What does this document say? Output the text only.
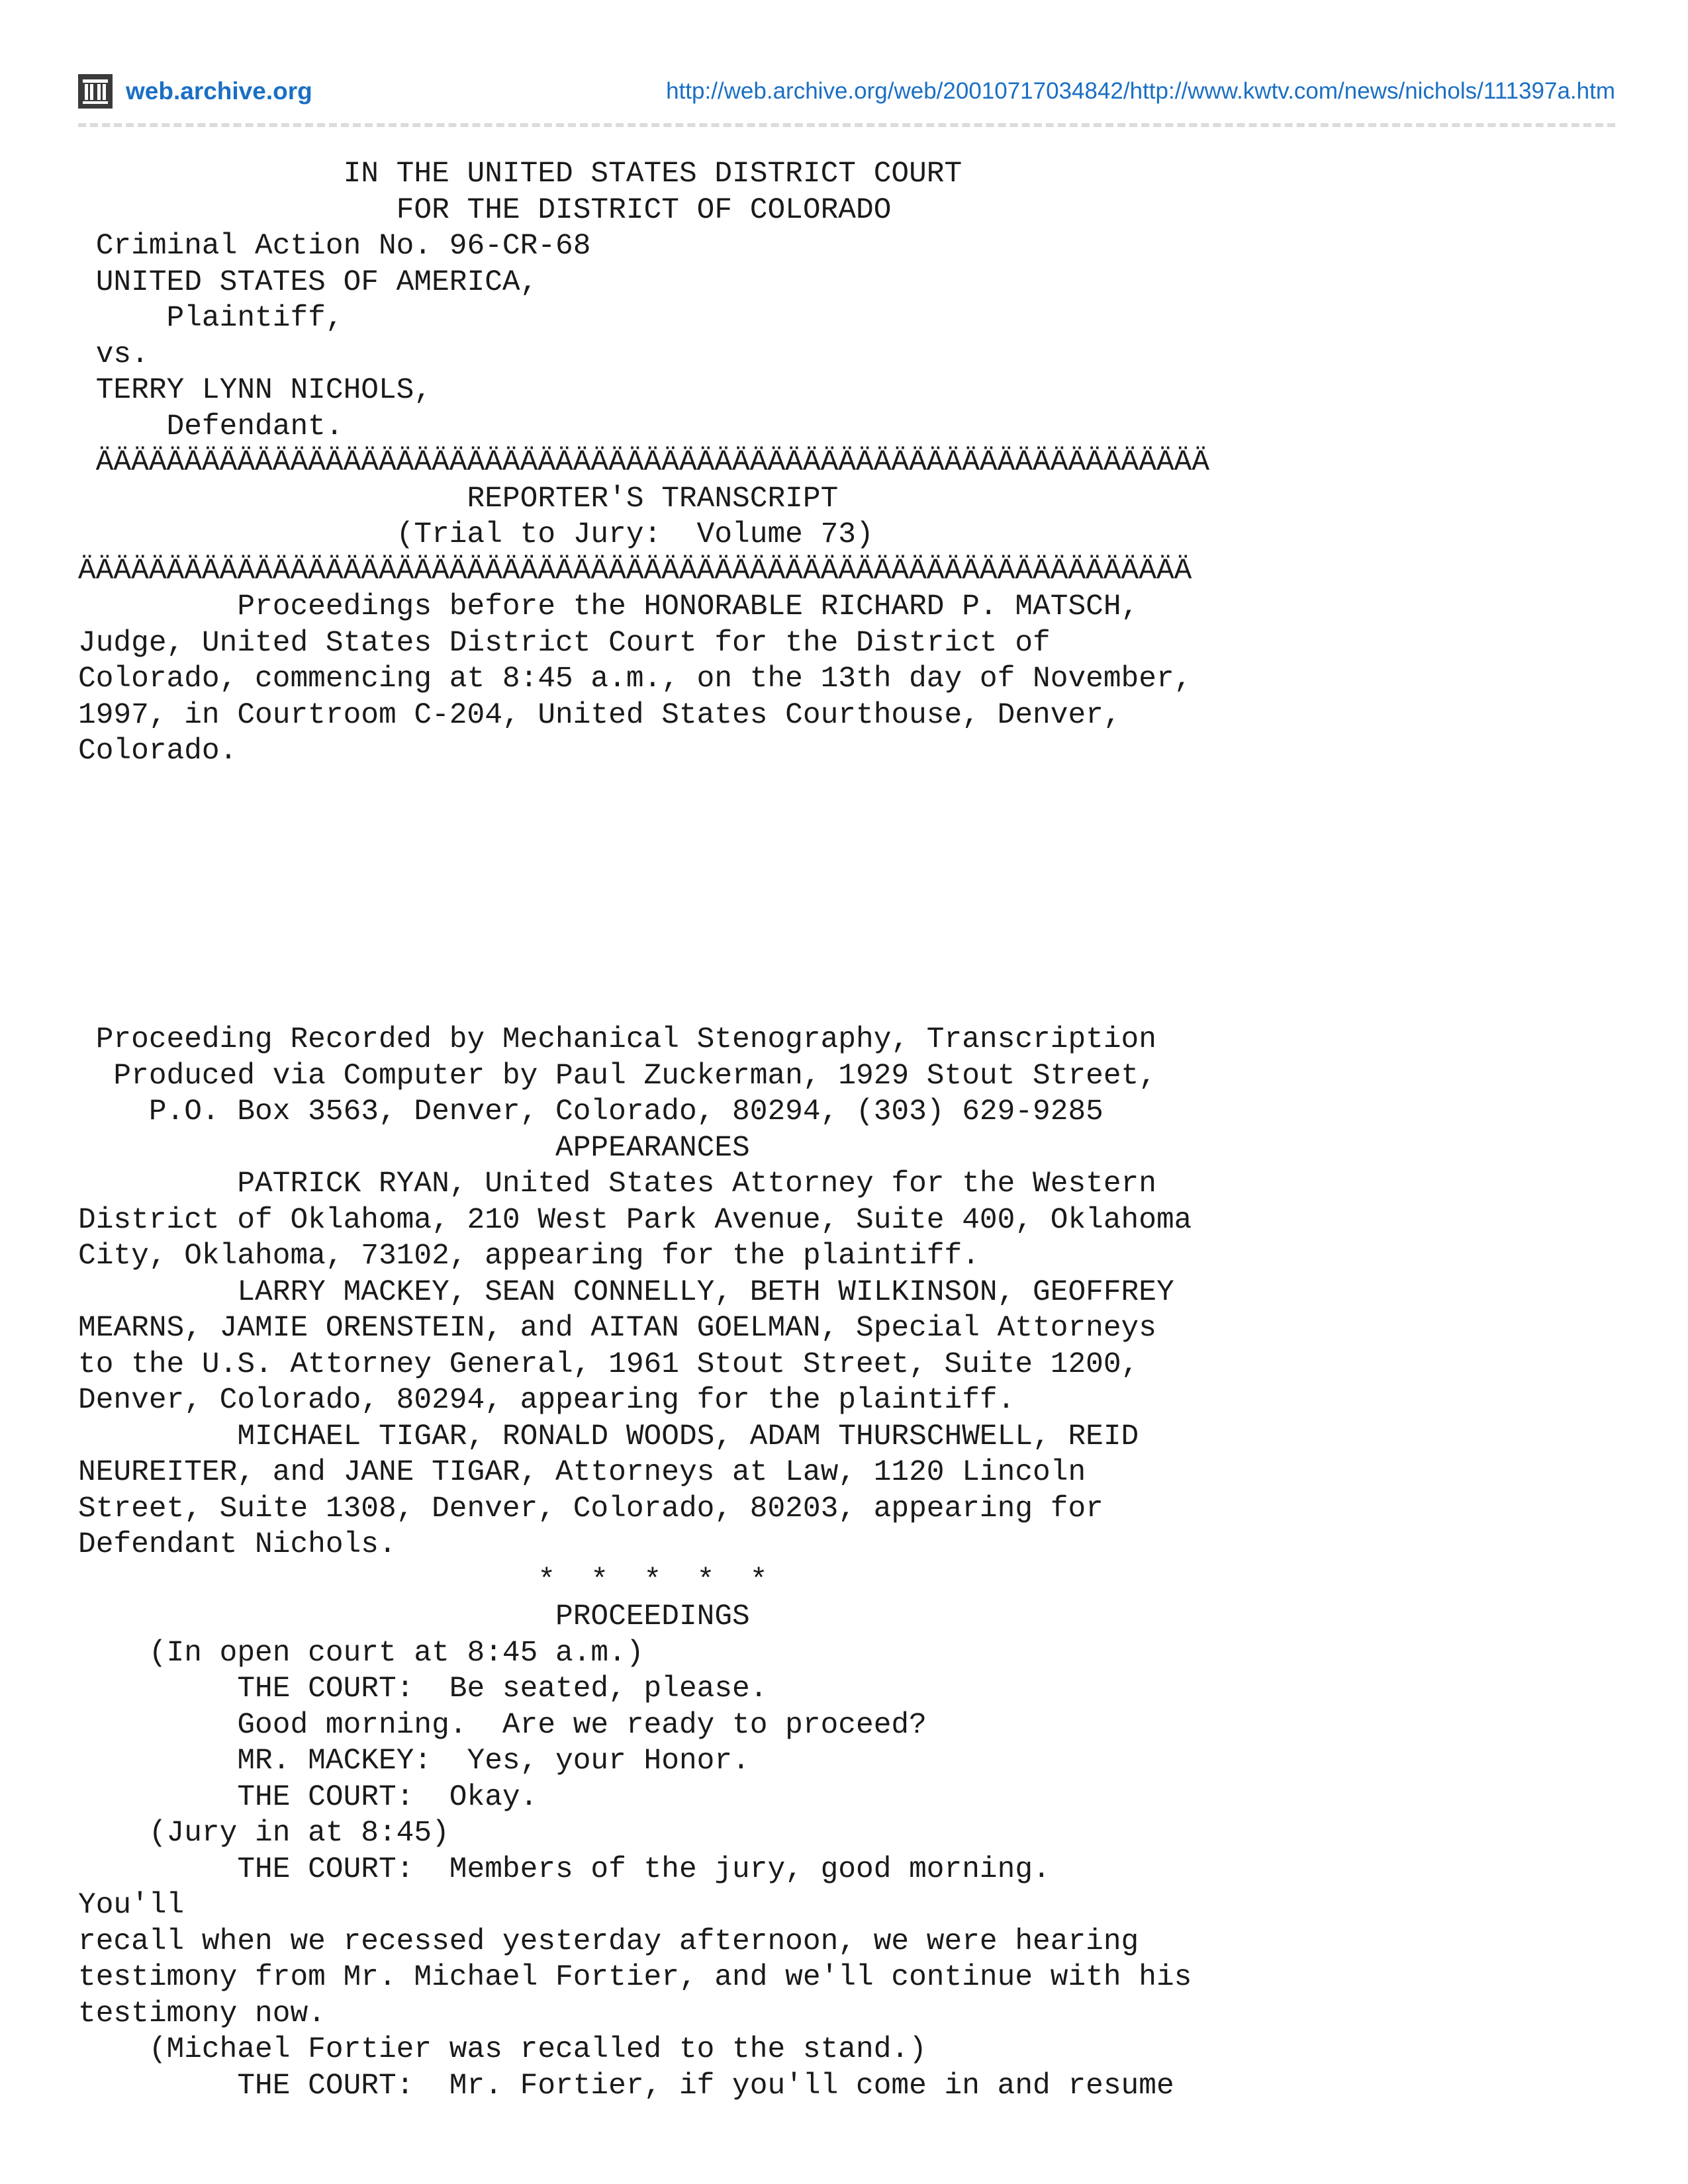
web.archive.org	http://web.archive.org/web/20010717034842/http://www.kwtv.com/news/nichols/111397a.htm
IN THE UNITED STATES DISTRICT COURT
FOR THE DISTRICT OF COLORADO
Criminal Action No. 96-CR-68
UNITED STATES OF AMERICA,
Plaintiff,
vs.
TERRY LYNN NICHOLS,
Defendant.
ÄÄÄÄÄÄÄÄÄÄÄÄÄÄÄÄÄÄÄÄÄÄÄÄÄÄÄÄÄÄÄÄÄÄÄÄÄÄÄÄÄÄÄÄÄÄÄÄÄÄÄÄÄÄÄÄÄÄÄÄÄÄÄ
REPORTER'S TRANSCRIPT
(Trial to Jury:  Volume 73)
ÄÄÄÄÄÄÄÄÄÄÄÄÄÄÄÄÄÄÄÄÄÄÄÄÄÄÄÄÄÄÄÄÄÄÄÄÄÄÄÄÄÄÄÄÄÄÄÄÄÄÄÄÄÄÄÄÄÄÄÄÄÄÄ
Proceedings before the HONORABLE RICHARD P. MATSCH,
Judge, United States District Court for the District of
Colorado, commencing at 8:45 a.m., on the 13th day of November,
1997, in Courtroom C-204, United States Courthouse, Denver,
Colorado.
Proceeding Recorded by Mechanical Stenography, Transcription
Produced via Computer by Paul Zuckerman, 1929 Stout Street,
P.O. Box 3563, Denver, Colorado, 80294, (303) 629-9285
APPEARANCES
PATRICK RYAN, United States Attorney for the Western
District of Oklahoma, 210 West Park Avenue, Suite 400, Oklahoma
City, Oklahoma, 73102, appearing for the plaintiff.
LARRY MACKEY, SEAN CONNELLY, BETH WILKINSON, GEOFFREY
MEARNS, JAMIE ORENSTEIN, and AITAN GOELMAN, Special Attorneys
to the U.S. Attorney General, 1961 Stout Street, Suite 1200,
Denver, Colorado, 80294, appearing for the plaintiff.
MICHAEL TIGAR, RONALD WOODS, ADAM THURSCHWELL, REID
NEUREITER, and JANE TIGAR, Attorneys at Law, 1120 Lincoln
Street, Suite 1308, Denver, Colorado, 80203, appearing for
Defendant Nichols.
*  *  *  *  *
PROCEEDINGS
(In open court at 8:45 a.m.)
THE COURT:  Be seated, please.
Good morning.  Are we ready to proceed?
MR. MACKEY:  Yes, your Honor.
THE COURT:  Okay.
(Jury in at 8:45)
THE COURT:  Members of the jury, good morning.
You'll
recall when we recessed yesterday afternoon, we were hearing
testimony from Mr. Michael Fortier, and we'll continue with his
testimony now.
(Michael Fortier was recalled to the stand.)
THE COURT:  Mr. Fortier, if you'll come in and resume
